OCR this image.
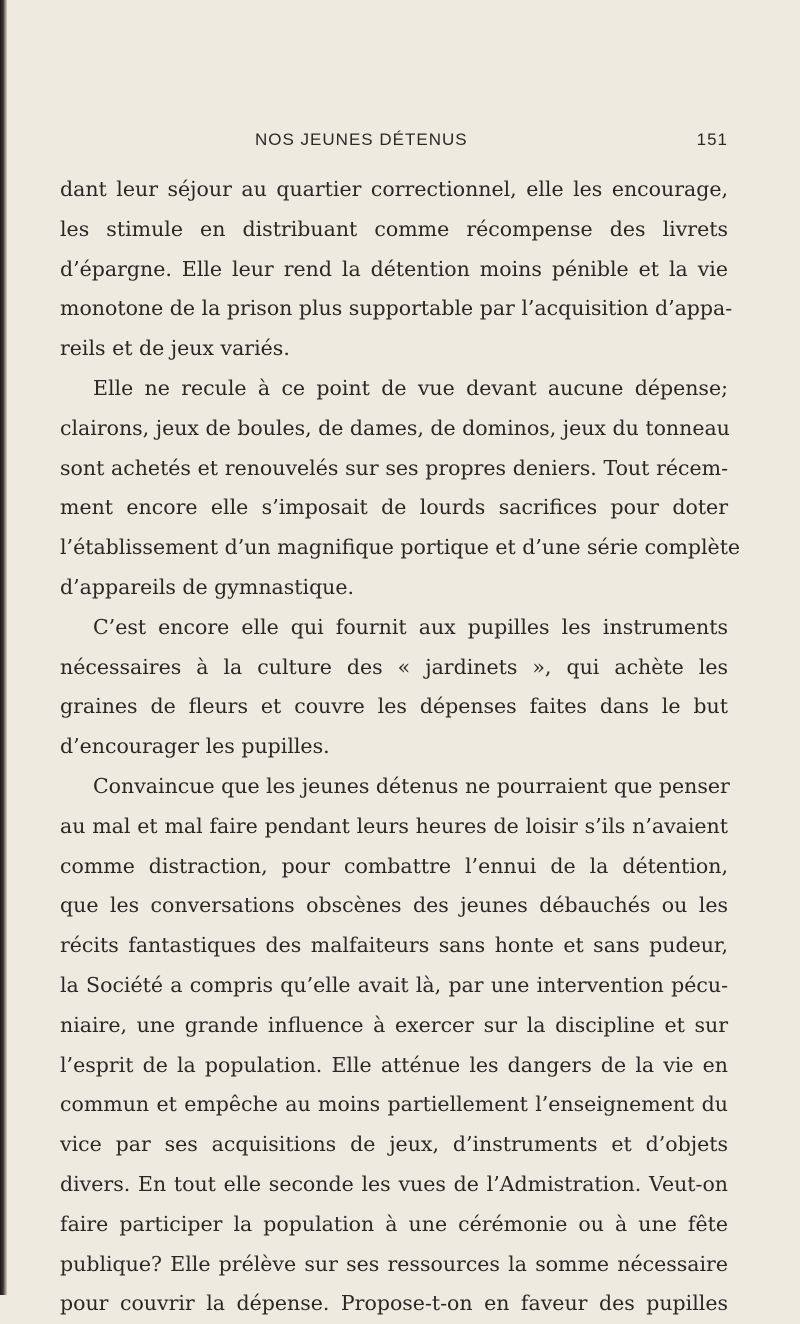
NOS JEUNES DÉTENUS	151
dant leur séjour au quartier correctionnel, elle les encourage,
les stimule en distribuant comme récompense des livrets
d’épargne. Elle leur rend la détention moins pénible et la vie
monotone de la prison plus supportable par l’acquisition d’appa-
reils et de jeux variés.
Elle ne recule à ce point de vue devant aucune dépense;
clairons, jeux de boules, de dames, de dominos, jeux du tonneau
sont achetés et renouvelés sur ses propres deniers. Tout récem-
ment encore elle s’imposait de lourds sacrifices pour doter
l’établissement d’un magnifique portique et d’une série complète
d’appareils de gymnastique.
C’est encore elle qui fournit aux pupilles les instruments
nécessaires à la culture des « jardinets », qui achète les
graines de fleurs et couvre les dépenses faites dans le but
d’encourager les pupilles.
Convaincue que les jeunes détenus ne pourraient que penser
au mal et mal faire pendant leurs heures de loisir s’ils n’avaient
comme distraction, pour combattre l’ennui de la détention,
que les conversations obscènes des jeunes débauchés ou les
récits fantastiques des malfaiteurs sans honte et sans pudeur,
la Société a compris qu’elle avait là, par une intervention pécu-
niaire, une grande influence à exercer sur la discipline et sur
l’esprit de la population. Elle atténue les dangers de la vie en
commun et empêche au moins partiellement l’enseignement du
vice par ses acquisitions de jeux, d’instruments et d’objets
divers. En tout elle seconde les vues de l’Admistration. Veut-on
faire participer la population à une cérémonie ou à une fête
publique? Elle prélève sur ses ressources la somme nécessaire
pour couvrir la dépense. Propose-t-on en faveur des pupilles
